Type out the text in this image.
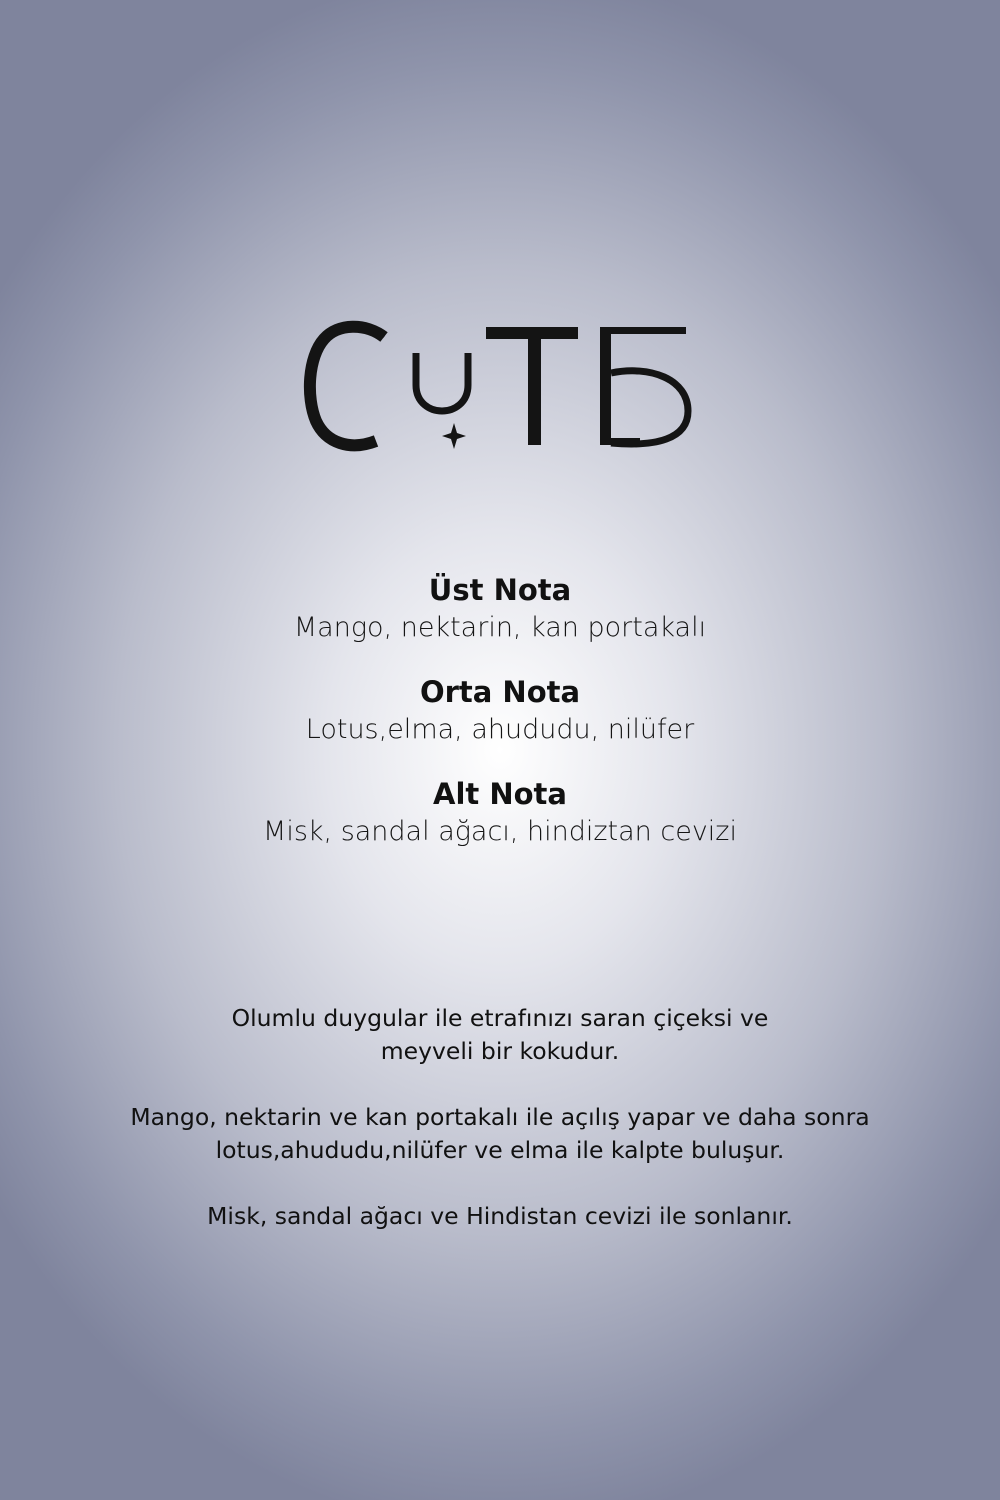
Üst Nota
Mango, nektarin, kan portakalı
Orta Nota
Lotus,elma, ahududu, nilüfer
Alt Nota
Misk, sandal ağacı, hindiztan cevizi

Olumlu duygular ile etrafınızı saran çiçeksi ve
meyveli bir kokudur.

Mango, nektarin ve kan portakalı ile açılış yapar ve daha sonra
lotus,ahududu,nilüfer ve elma ile kalpte buluşur.

Misk, sandal ağacı ve Hindistan cevizi ile sonlanır.
